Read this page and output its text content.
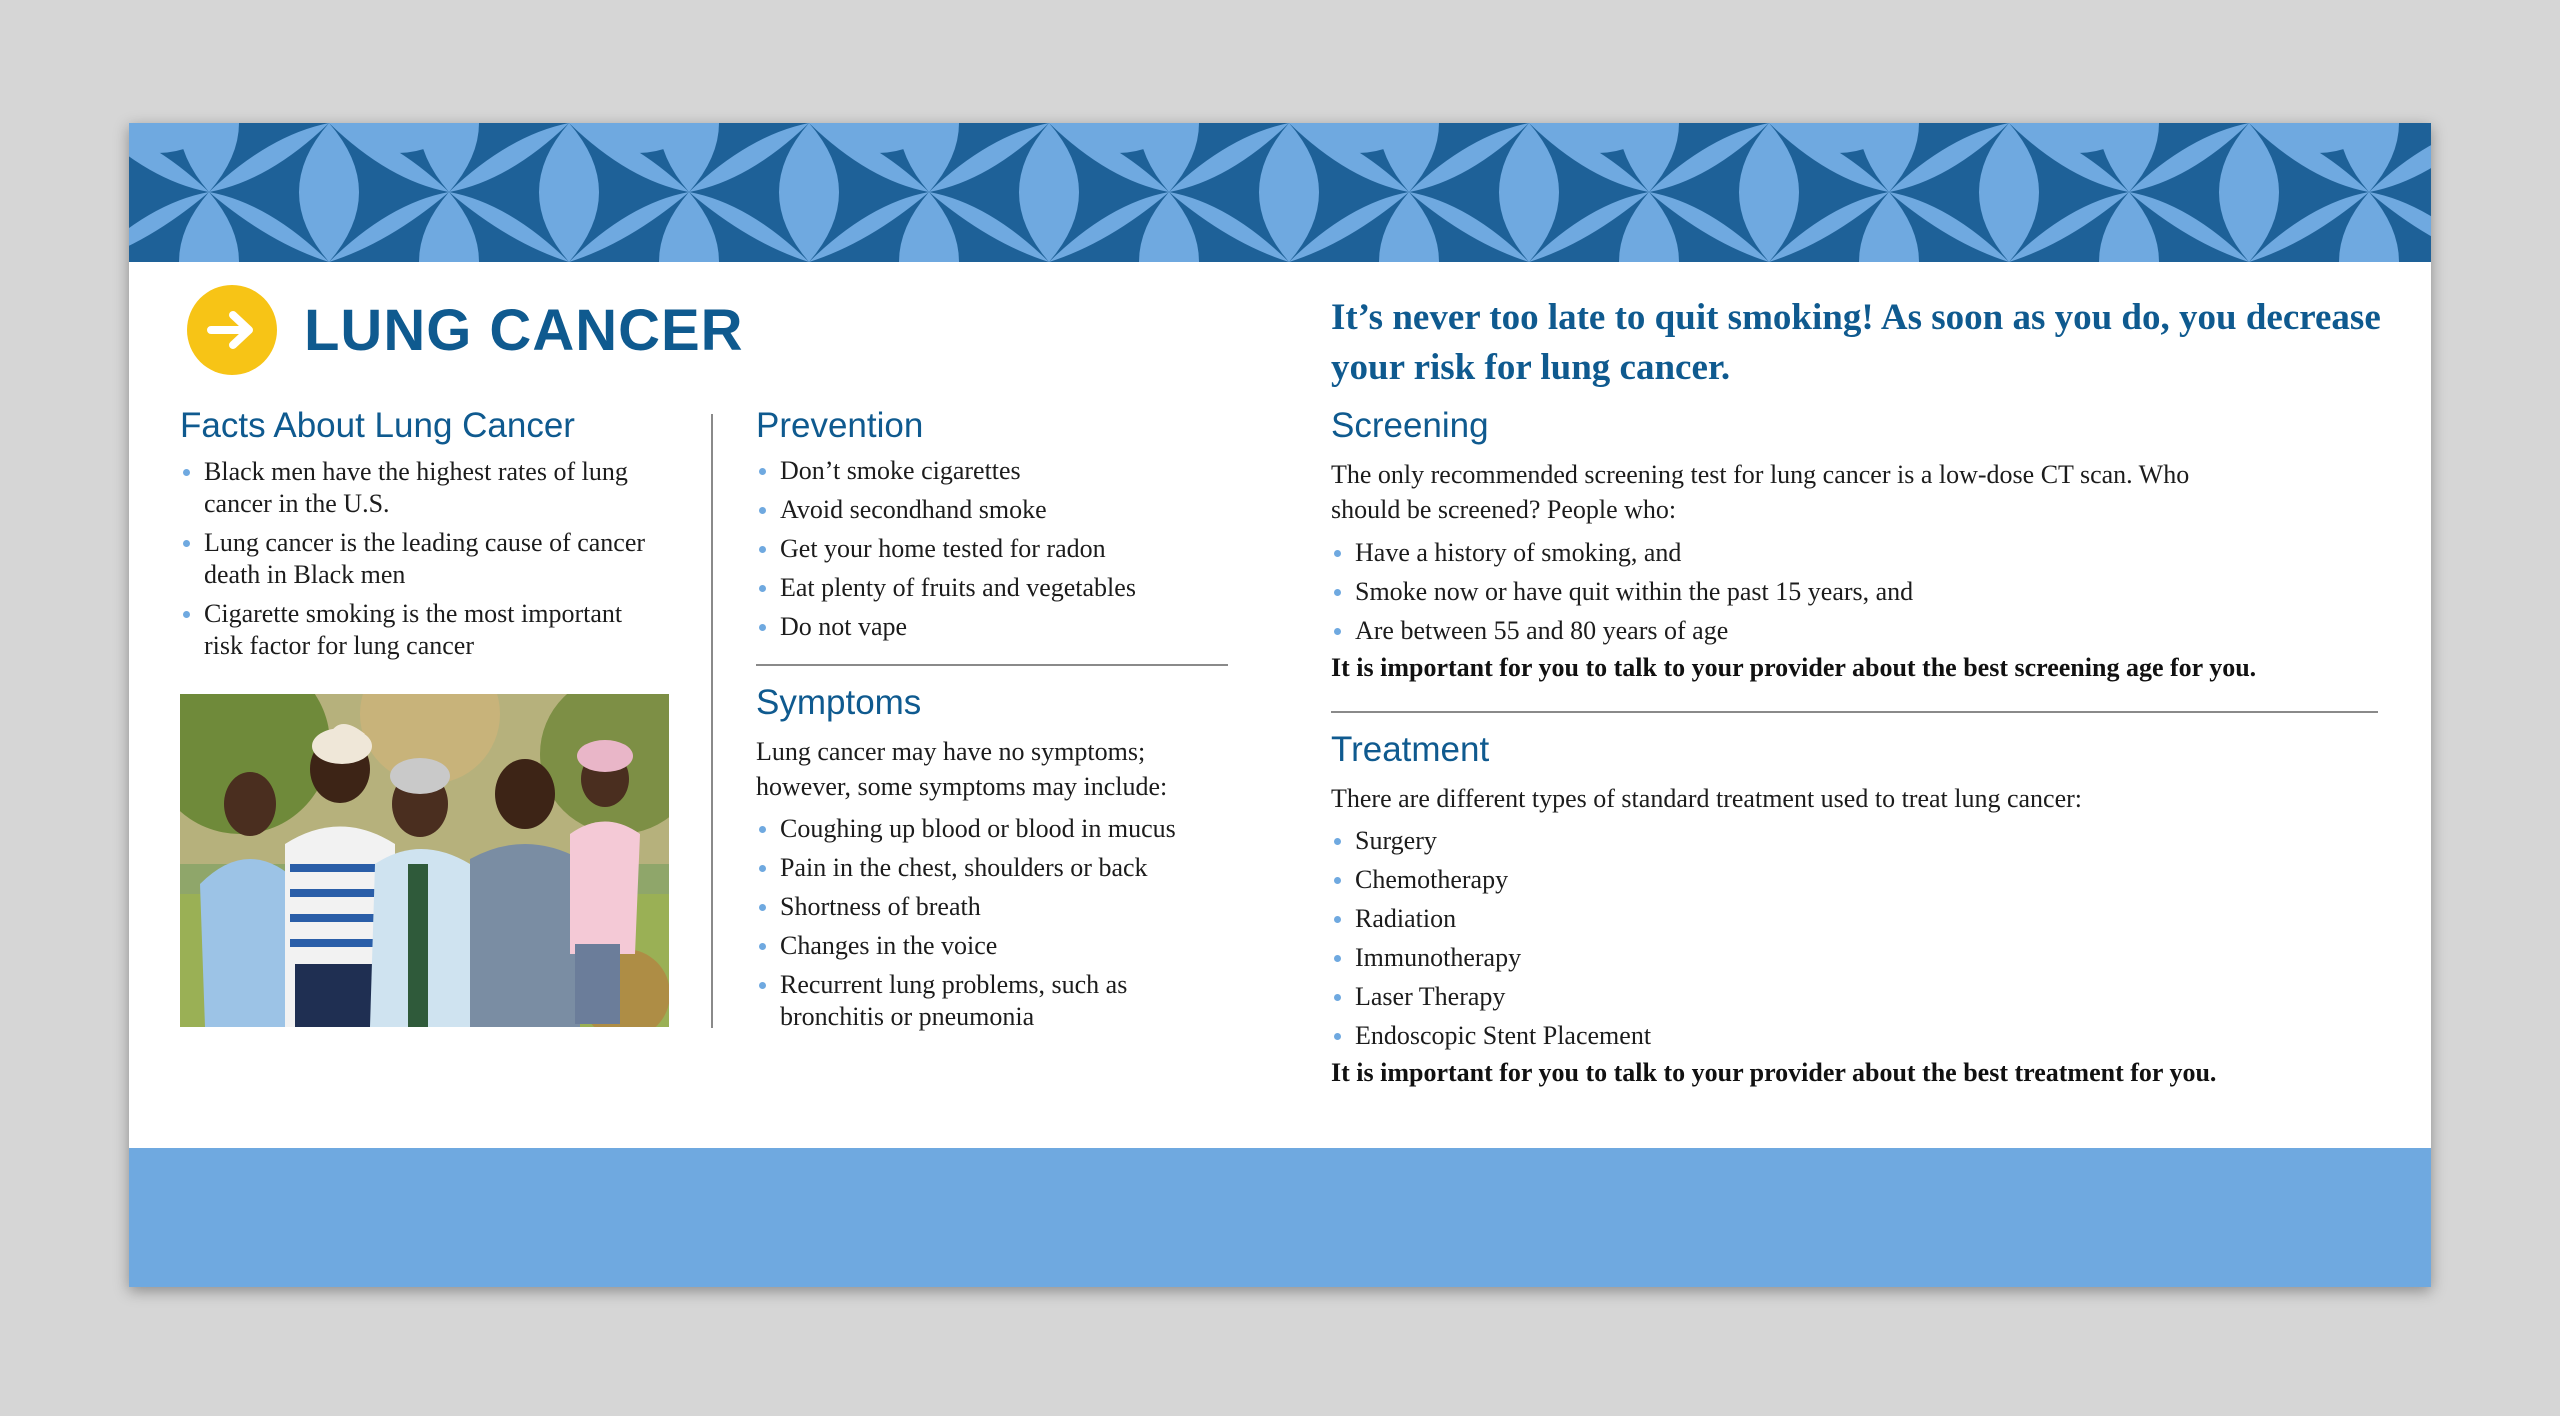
LUNG CANCER
Facts About Lung Cancer
Black men have the highest rates of lung cancer in the U.S.
Lung cancer is the leading cause of cancer death in Black men
Cigarette smoking is the most important risk factor for lung cancer
Prevention
Don’t smoke cigarettes
Avoid secondhand smoke
Get your home tested for radon
Eat plenty of fruits and vegetables
Do not vape
Symptoms
Lung cancer may have no symptoms; however, some symptoms may include:
Coughing up blood or blood in mucus
Pain in the chest, shoulders or back
Shortness of breath
Changes in the voice
Recurrent lung problems, such as bronchitis or pneumonia
It’s never too late to quit smoking! As soon as you do, you decrease your risk for lung cancer.
Screening
The only recommended screening test for lung cancer is a low-dose CT scan. Who should be screened? People who:
Have a history of smoking, and
Smoke now or have quit within the past 15 years, and
Are between 55 and 80 years of age
It is important for you to talk to your provider about the best screening age for you.
Treatment
There are different types of standard treatment used to treat lung cancer:
Surgery
Chemotherapy
Radiation
Immunotherapy
Laser Therapy
Endoscopic Stent Placement
It is important for you to talk to your provider about the best treatment for you.
